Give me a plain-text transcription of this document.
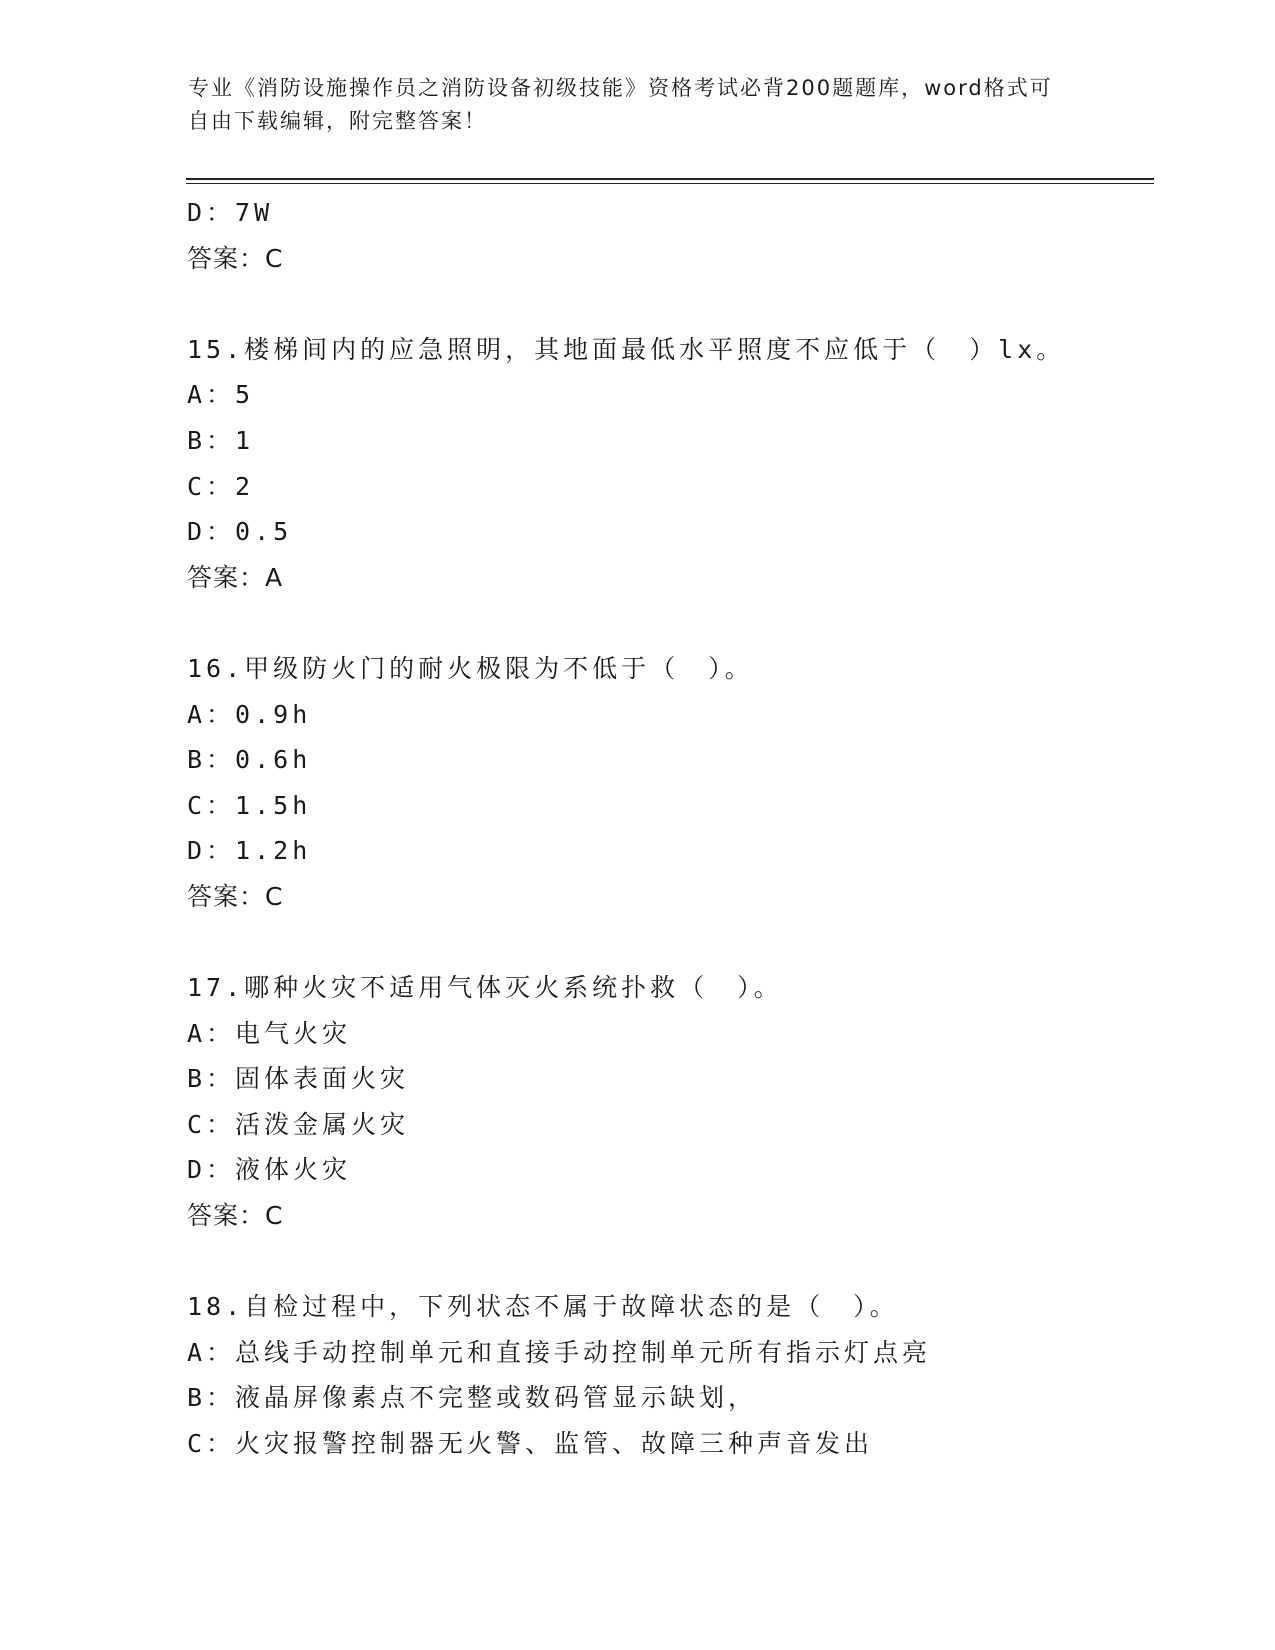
专业《消防设施操作员之消防设备初级技能》资格考试必背200题题库，word格式可自由下载编辑，附完整答案！
D：7W
答案：C
15.楼梯间内的应急照明，其地面最低水平照度不应低于（　）lx。
A：5
B：1
C：2
D：0.5
答案：A
16.甲级防火门的耐火极限为不低于（　）。
A：0.9h
B：0.6h
C：1.5h
D：1.2h
答案：C
17.哪种火灾不适用气体灭火系统扑救（　）。
A：电气火灾
B：固体表面火灾
C：活泼金属火灾
D：液体火灾
答案：C
18.自检过程中，下列状态不属于故障状态的是（　）。
A：总线手动控制单元和直接手动控制单元所有指示灯点亮
B：液晶屏像素点不完整或数码管显示缺划，
C：火灾报警控制器无火警、监管、故障三种声音发出
